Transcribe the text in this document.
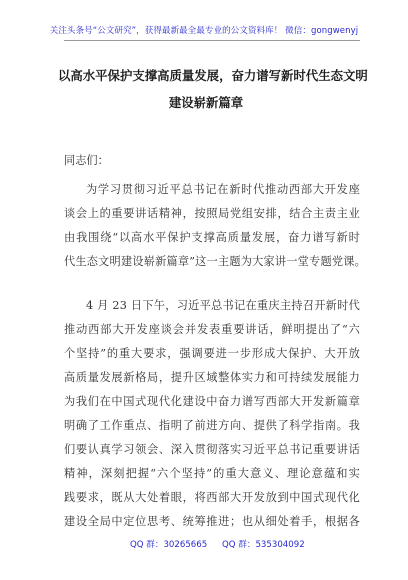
关注头条号“公文研究”，获得最新最全最专业的公文资料库！ 微信：gongwenyj
以高水平保护支撑高质量发展，奋力谱写新时代生态文明
建设崭新篇章
同志们：
为学习贯彻习近平总书记在新时代推动西部大开发座
谈会上的重要讲话精神，按照局党组安排，结合主责主业
由我围绕“以高水平保护支撑高质量发展，奋力谱写新时
代生态文明建设崭新篇章”这一主题为大家讲一堂专题党课。
4 月 23 日下午，习近平总书记在重庆主持召开新时代
推动西部大开发座谈会并发表重要讲话，鲜明提出了“六
个坚持”的重大要求，强调要进一步形成大保护、大开放
高质量发展新格局，提升区域整体实力和可持续发展能力
为我们在中国式现代化建设中奋力谱写西部大开发新篇章
明确了工作重点、指明了前进方向、提供了科学指南。我
们要认真学习领会、深入贯彻落实习近平总书记重要讲话
精神，深刻把握“六个坚持”的重大意义、理论意蕴和实
践要求，既从大处着眼，将西部大开发放到中国式现代化
建设全局中定位思考、统筹推进；也从细处着手，根据各
QQ 群：30265665 QQ 群：535304092
